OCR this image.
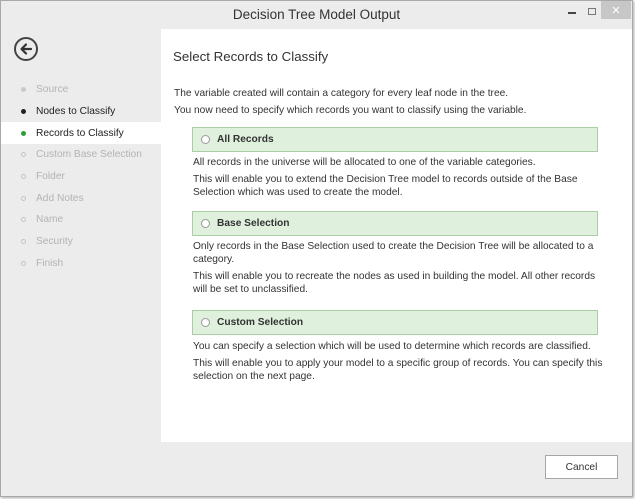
Decision Tree Model Output	✕
Source
Nodes to Classify
Records to Classify
Custom Base Selection
Folder
Add Notes
Name
Security
Finish
Select Records to Classify
The variable created will contain a category for every leaf node in the tree.
You now need to specify which records you want to classify using the variable.
All Records

All records in the universe will be allocated to one of the variable categories.

This will enable you to extend the Decision Tree model to records outside of the Base Selection which was used to create the model.

Base Selection

Only records in the Base Selection used to create the Decision Tree will be allocated to a category.

This will enable you to recreate the nodes as used in building the model. All other records will be set to unclassified.

Custom Selection

You can specify a selection which will be used to determine which records are classified.

This will enable you to apply your model to a specific group of records. You can specify this selection on the next page.

Cancel
